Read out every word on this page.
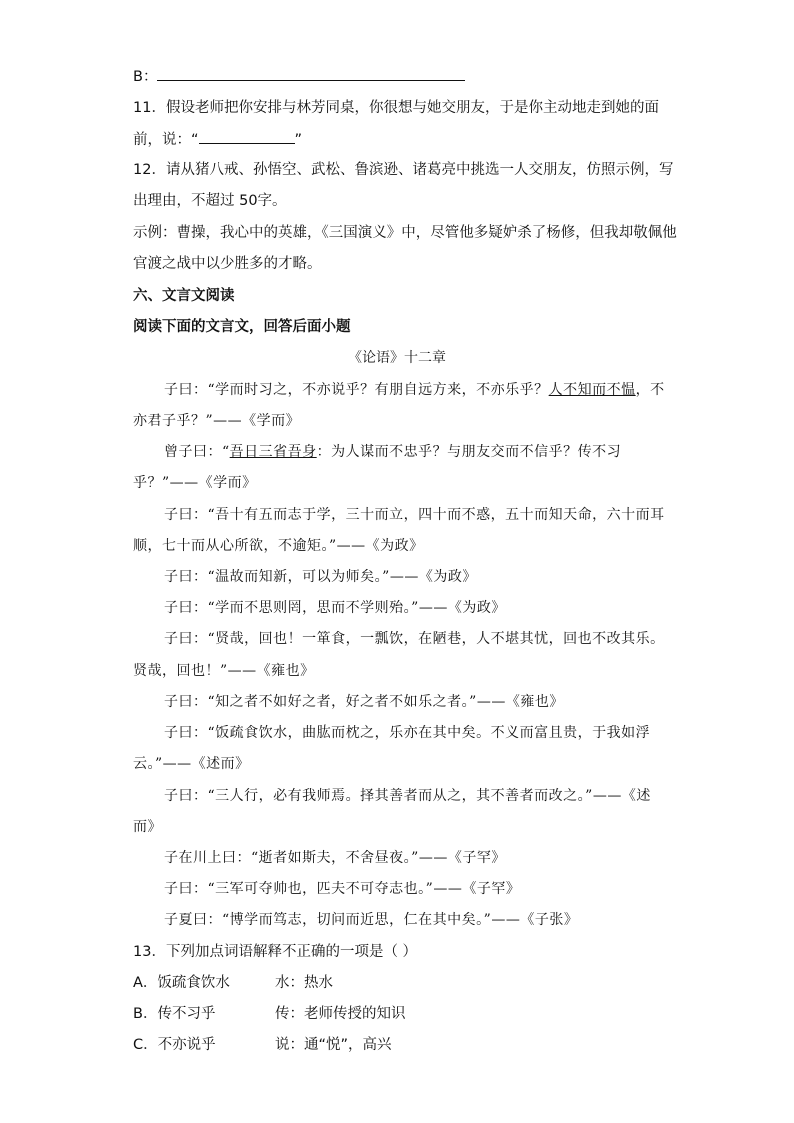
B：
11．假设老师把你安排与林芳同桌，你很想与她交朋友，于是你主动地走到她的面
前，说：“	”
12．请从猪八戒、孙悟空、武松、鲁滨逊、诸葛亮中挑选一人交朋友，仿照示例，写
出理由，不超过 50字。
示例：曹操，我心中的英雄，《三国演义》中，尽管他多疑妒杀了杨修，但我却敬佩他
官渡之战中以少胜多的才略。
六、文言文阅读
阅读下面的文言文，回答后面小题
《论语》十二章
子曰：“学而时习之，不亦说乎？有朋自远方来，不亦乐乎？人不知而不愠，不
亦君子乎？”——《学而》
曾子曰：“吾日三省吾身：为人谋而不忠乎？与朋友交而不信乎？传不习
乎？”——《学而》
子曰：“吾十有五而志于学，三十而立，四十而不惑，五十而知天命，六十而耳
顺，七十而从心所欲，不逾矩。”——《为政》
子曰：“温故而知新，可以为师矣。”——《为政》
子曰：“学而不思则罔，思而不学则殆。”——《为政》
子曰：“贤哉，回也！一箪食，一瓢饮，在陋巷，人不堪其忧，回也不改其乐。
贤哉，回也！”——《雍也》
子曰：“知之者不如好之者，好之者不如乐之者。”——《雍也》
子曰：“饭疏食饮水，曲肱而枕之，乐亦在其中矣。不义而富且贵，于我如浮
云。”——《述而》
子曰：“三人行，必有我师焉。择其善者而从之，其不善者而改之。”——《述
而》
子在川上曰：“逝者如斯夫，不舍昼夜。”——《子罕》
子曰：“三军可夺帅也，匹夫不可夺志也。”——《子罕》
子夏曰：“博学而笃志，切问而近思，仁在其中矣。”——《子张》
13．下列加点词语解释不正确的一项是（ ）
A．饭疏食饮水	水：热水
B．传不习乎	传：老师传授的知识
C．不亦说乎	说：通“悦”，高兴
